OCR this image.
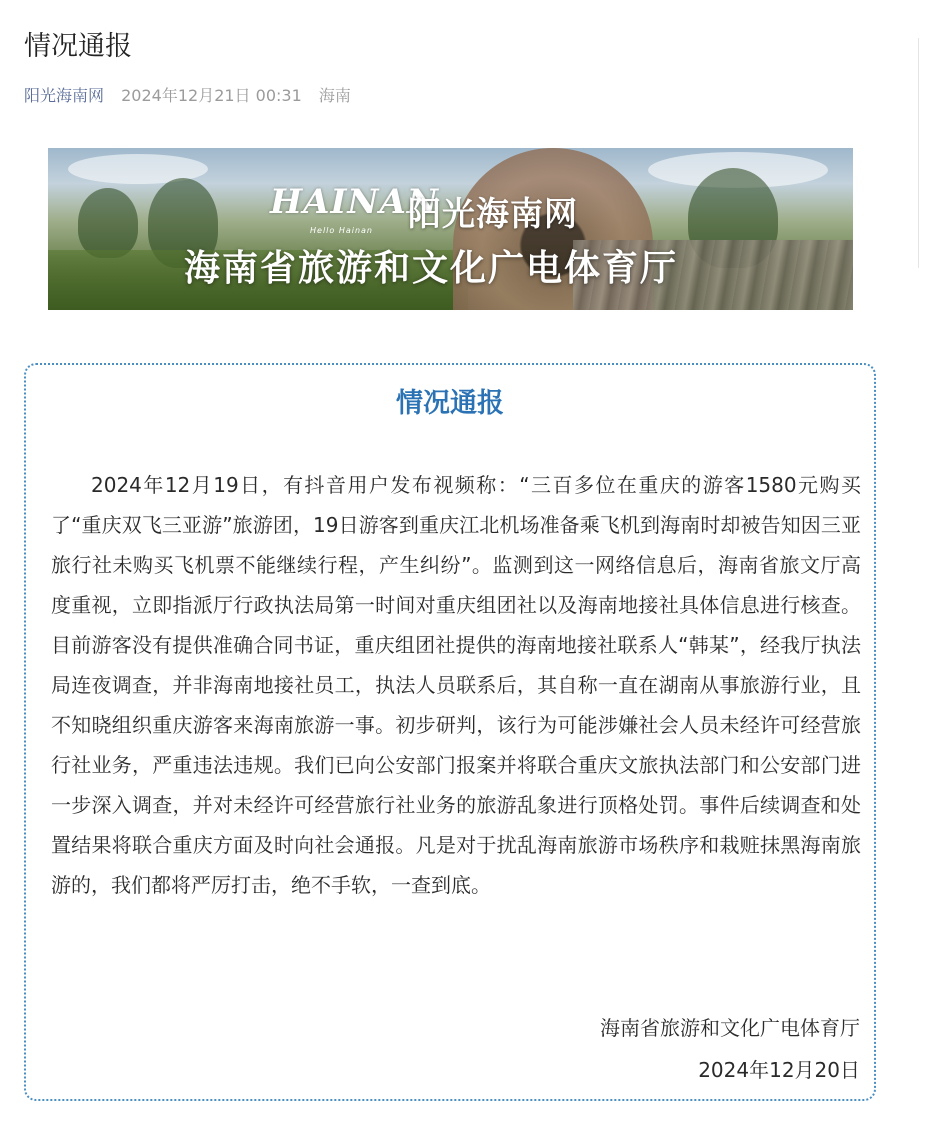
情况通报
阳光海南网 2024年12月21日 00:31 海南
HAINAN
Hello Hainan 阳光海南网
海南省旅游和文化广电体育厅
情况通报

2024年12月19日，有抖音用户发布视频称：“三百多位在重庆的游客1580元购买了“重庆双飞三亚游”旅游团，19日游客到重庆江北机场准备乘飞机到海南时却被告知因三亚旅行社未购买飞机票不能继续行程，产生纠纷”。监测到这一网络信息后，海南省旅文厅高度重视，立即指派厅行政执法局第一时间对重庆组团社以及海南地接社具体信息进行核查。目前游客没有提供准确合同书证，重庆组团社提供的海南地接社联系人“韩某”，经我厅执法局连夜调查，并非海南地接社员工，执法人员联系后，其自称一直在湖南从事旅游行业，且不知晓组织重庆游客来海南旅游一事。初步研判，该行为可能涉嫌社会人员未经许可经营旅行社业务，严重违法违规。我们已向公安部门报案并将联合重庆文旅执法部门和公安部门进一步深入调查，并对未经许可经营旅行社业务的旅游乱象进行顶格处罚。事件后续调查和处置结果将联合重庆方面及时向社会通报。凡是对于扰乱海南旅游市场秩序和栽赃抹黑海南旅游的，我们都将严厉打击，绝不手软，一查到底。

海南省旅游和文化广电体育厅
2024年12月20日
